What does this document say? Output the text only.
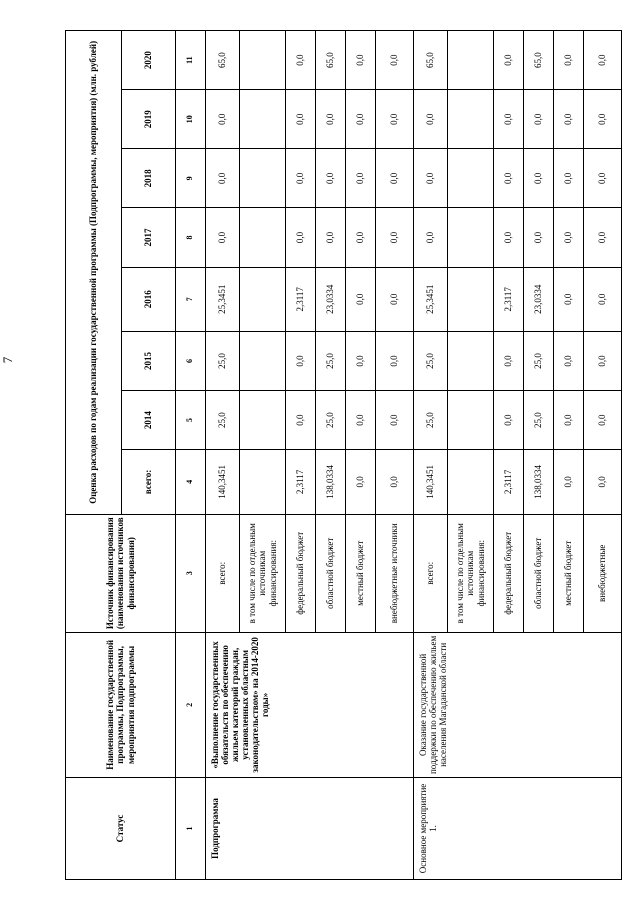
7
Статус	Наименование государственной программы, Подпрограммы, мероприятия подпрограммы	Источник финансирования (наименования источников финансирования)	Оценка расходов по годам реализации государственной программы (Подпрограммы, мероприятия) (млн. рублей)							
			всего:	2014	2015	2016	2017	2018	2019	2020
1	2	3	4	5	6	7	8	9	10	11
Подпрограмма	«Выполнение государственных обязательств по обеспечению жильем категорий граждан, установленных областным законодательством» на 2014-2020 годы»	всего:	140,3451	25,0	25,0	25,3451	0,0	0,0	0,0	65,0
		в том числе по отдельным источникам финансирования:								
		федеральный бюджет	2,3117	0,0	0,0	2,3117	0,0	0,0	0,0	0,0
		областной бюджет	138,0334	25,0	25,0	23,0334	0,0	0,0	0,0	65,0
		местный бюджет	0,0	0,0	0,0	0,0	0,0	0,0	0,0	0,0
		внебюджетные источники	0,0	0,0	0,0	0,0	0,0	0,0	0,0	0,0
Основное мероприятие 1.	Оказание государственной поддержки по обеспечению жильем населения Магаданской области	всего:	140,3451	25,0	25,0	25,3451	0,0	0,0	0,0	65,0
		в том числе по отдельным источникам финансирования:								
		федеральный бюджет	2,3117	0,0	0,0	2,3117	0,0	0,0	0,0	0,0
		областной бюджет	138,0334	25,0	25,0	23,0334	0,0	0,0	0,0	65,0
		местный бюджет	0,0	0,0	0,0	0,0	0,0	0,0	0,0	0,0
		внебюджетные	0,0	0,0	0,0	0,0	0,0	0,0	0,0	0,0
